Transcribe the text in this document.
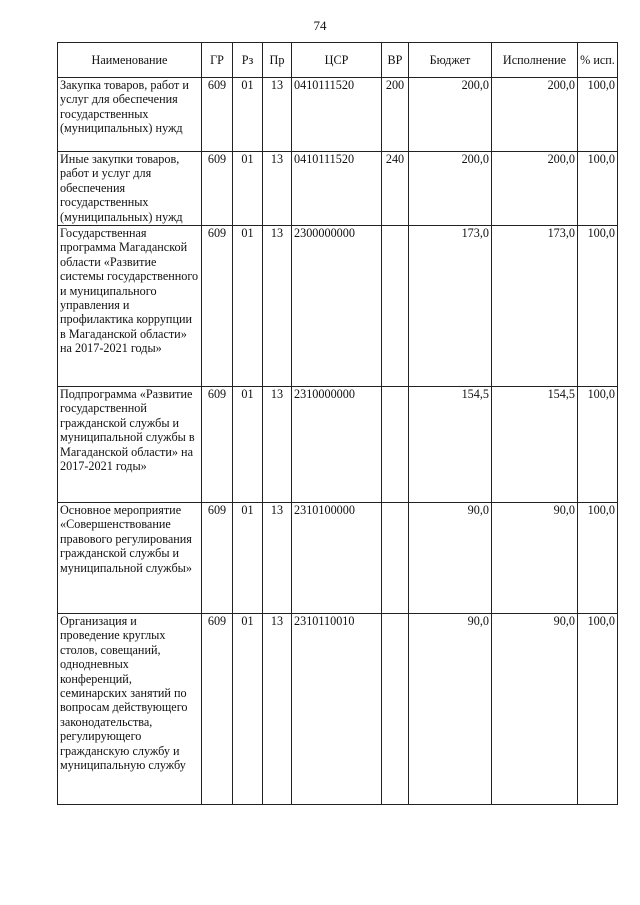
74
Наименование	ГР	Рз	Пр	ЦСР	ВР	Бюджет	Исполнение	% исп.
Закупка товаров, работ и услуг для обеспечения государственных (муниципальных) нужд	609	01	13	0410111520	200	200,0	200,0	100,0
Иные закупки товаров, работ и услуг для обеспечения государственных (муниципальных) нужд	609	01	13	0410111520	240	200,0	200,0	100,0
Государственная программа Магаданской области «Развитие системы государственного и муниципального управления и профилактика коррупции в Магаданской области» на 2017-2021 годы»	609	01	13	2300000000		173,0	173,0	100,0
Подпрограмма «Развитие государственной гражданской службы и муниципальной службы в Магаданской области» на 2017-2021 годы»	609	01	13	2310000000		154,5	154,5	100,0
Основное мероприятие «Совершенствование правового регулирования гражданской службы и муниципальной службы»	609	01	13	2310100000		90,0	90,0	100,0
Организация и проведение круглых столов, совещаний, однодневных конференций, семинарских занятий по вопросам действующего законодательства, регулирующего гражданскую службу и муниципальную службу	609	01	13	2310110010		90,0	90,0	100,0
